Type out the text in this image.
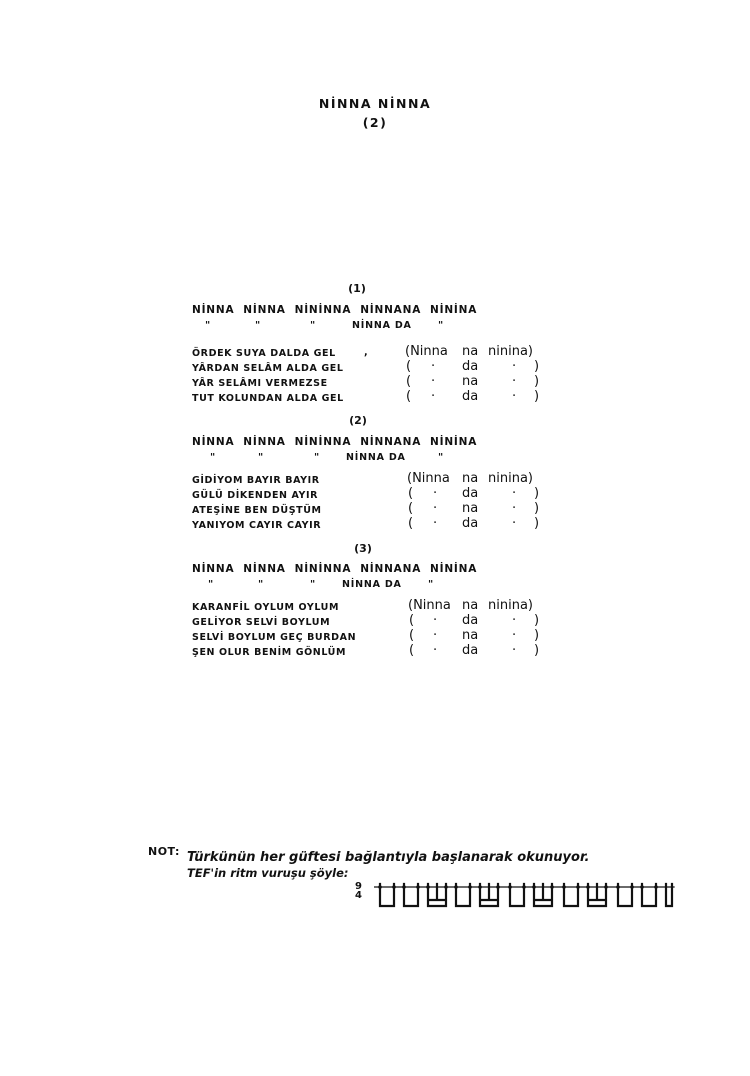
NİNNA NİNNA
(2)
(1)
NİNNA  NİNNA  NİNİNNA  NİNNANA  NİNİNA
"	"	"	NİNNA DA	"
ÖRDEK SUYA DALDA GEL	,	(Ninna na ninina)
YÂRDAN SELÂM ALDA GEL	( · da	· )
YÂR SELÂMI VERMEZSE	( · na	· )
TUT KOLUNDAN ALDA GEL	( · da	· )
(2)
NİNNA  NİNNA  NİNİNNA  NİNNANA  NİNİNA
"	"	"	NİNNA DA	"
GİDİYOM BAYIR BAYIR	(Ninna na ninina)
GÜLÜ DİKENDEN AYIR	( · da	· )
ATEŞİNE BEN DÜŞTÜM	( · na	· )
YANIYOM CAYIR CAYIR	( · da	· )
(3)
NİNNA  NİNNA  NİNİNNA  NİNNANA  NİNİNA
"	"	"	NİNNA DA	"
KARANFİL OYLUM OYLUM	(Ninna na ninina)
GELİYOR SELVİ BOYLUM	( · da	· )
SELVİ BOYLUM GEÇ BURDAN	( · na	· )
ŞEN OLUR BENİM GÖNLÜM	( · da	· )
NOT: Türkünün her güftesi bağlantıyla başlanarak okunuyor.
TEF'in ritm vuruşu şöyle:
9
4
